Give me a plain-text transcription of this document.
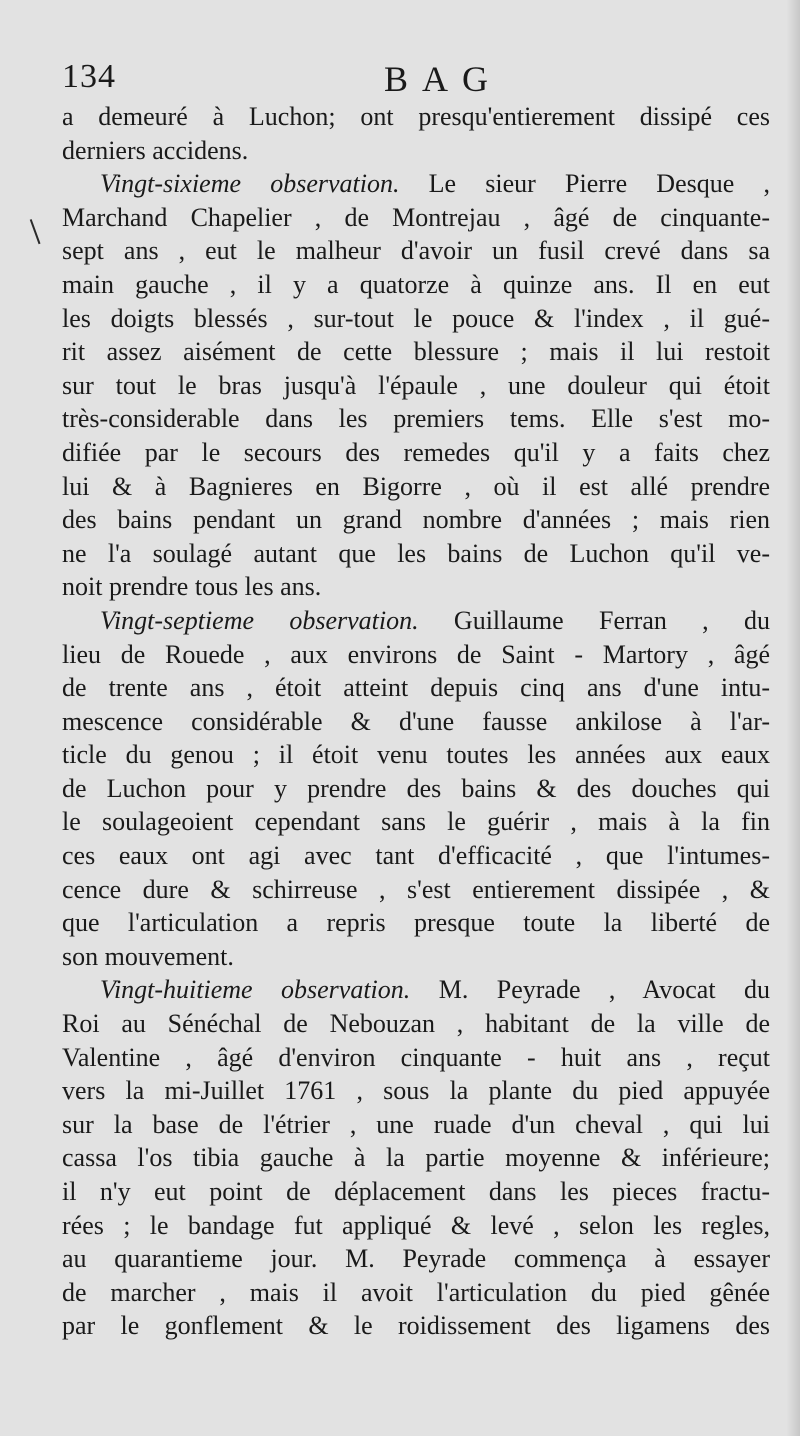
134	BAG
a demeuré à Luchon; ont presqu'entierement dissipé ces
derniers accidens.
Vingt-sixieme observation. Le sieur Pierre Desque ,
Marchand Chapelier , de Montrejau , âgé de cinquante-
sept ans , eut le malheur d'avoir un fusil crevé dans sa
main gauche , il y a quatorze à quinze ans. Il en eut
les doigts blessés , sur-tout le pouce & l'index , il gué-
rit assez aisément de cette blessure ; mais il lui restoit
sur tout le bras jusqu'à l'épaule , une douleur qui étoit
très-considerable dans les premiers tems. Elle s'est mo-
difiée par le secours des remedes qu'il y a faits chez
lui & à Bagnieres en Bigorre , où il est allé prendre
des bains pendant un grand nombre d'années ; mais rien
ne l'a soulagé autant que les bains de Luchon qu'il ve-
noit prendre tous les ans.
Vingt-septieme observation. Guillaume Ferran , du
lieu de Rouede , aux environs de Saint - Martory , âgé
de trente ans , étoit atteint depuis cinq ans d'une intu-
mescence considérable & d'une fausse ankilose à l'ar-
ticle du genou ; il étoit venu toutes les années aux eaux
de Luchon pour y prendre des bains & des douches qui
le soulageoient cependant sans le guérir , mais à la fin
ces eaux ont agi avec tant d'efficacité , que l'intumes-
cence dure & schirreuse , s'est entierement dissipée , &
que l'articulation a repris presque toute la liberté de
son mouvement.
Vingt-huitieme observation. M. Peyrade , Avocat du
Roi au Sénéchal de Nebouzan , habitant de la ville de
Valentine , âgé d'environ cinquante - huit ans , reçut
vers la mi-Juillet 1761 , sous la plante du pied appuyée
sur la base de l'étrier , une ruade d'un cheval , qui lui
cassa l'os tibia gauche à la partie moyenne & inférieure;
il n'y eut point de déplacement dans les pieces fractu-
rées ; le bandage fut appliqué & levé , selon les regles,
au quarantieme jour. M. Peyrade commença à essayer
de marcher , mais il avoit l'articulation du pied gênée
par le gonflement & le roidissement des ligamens des
